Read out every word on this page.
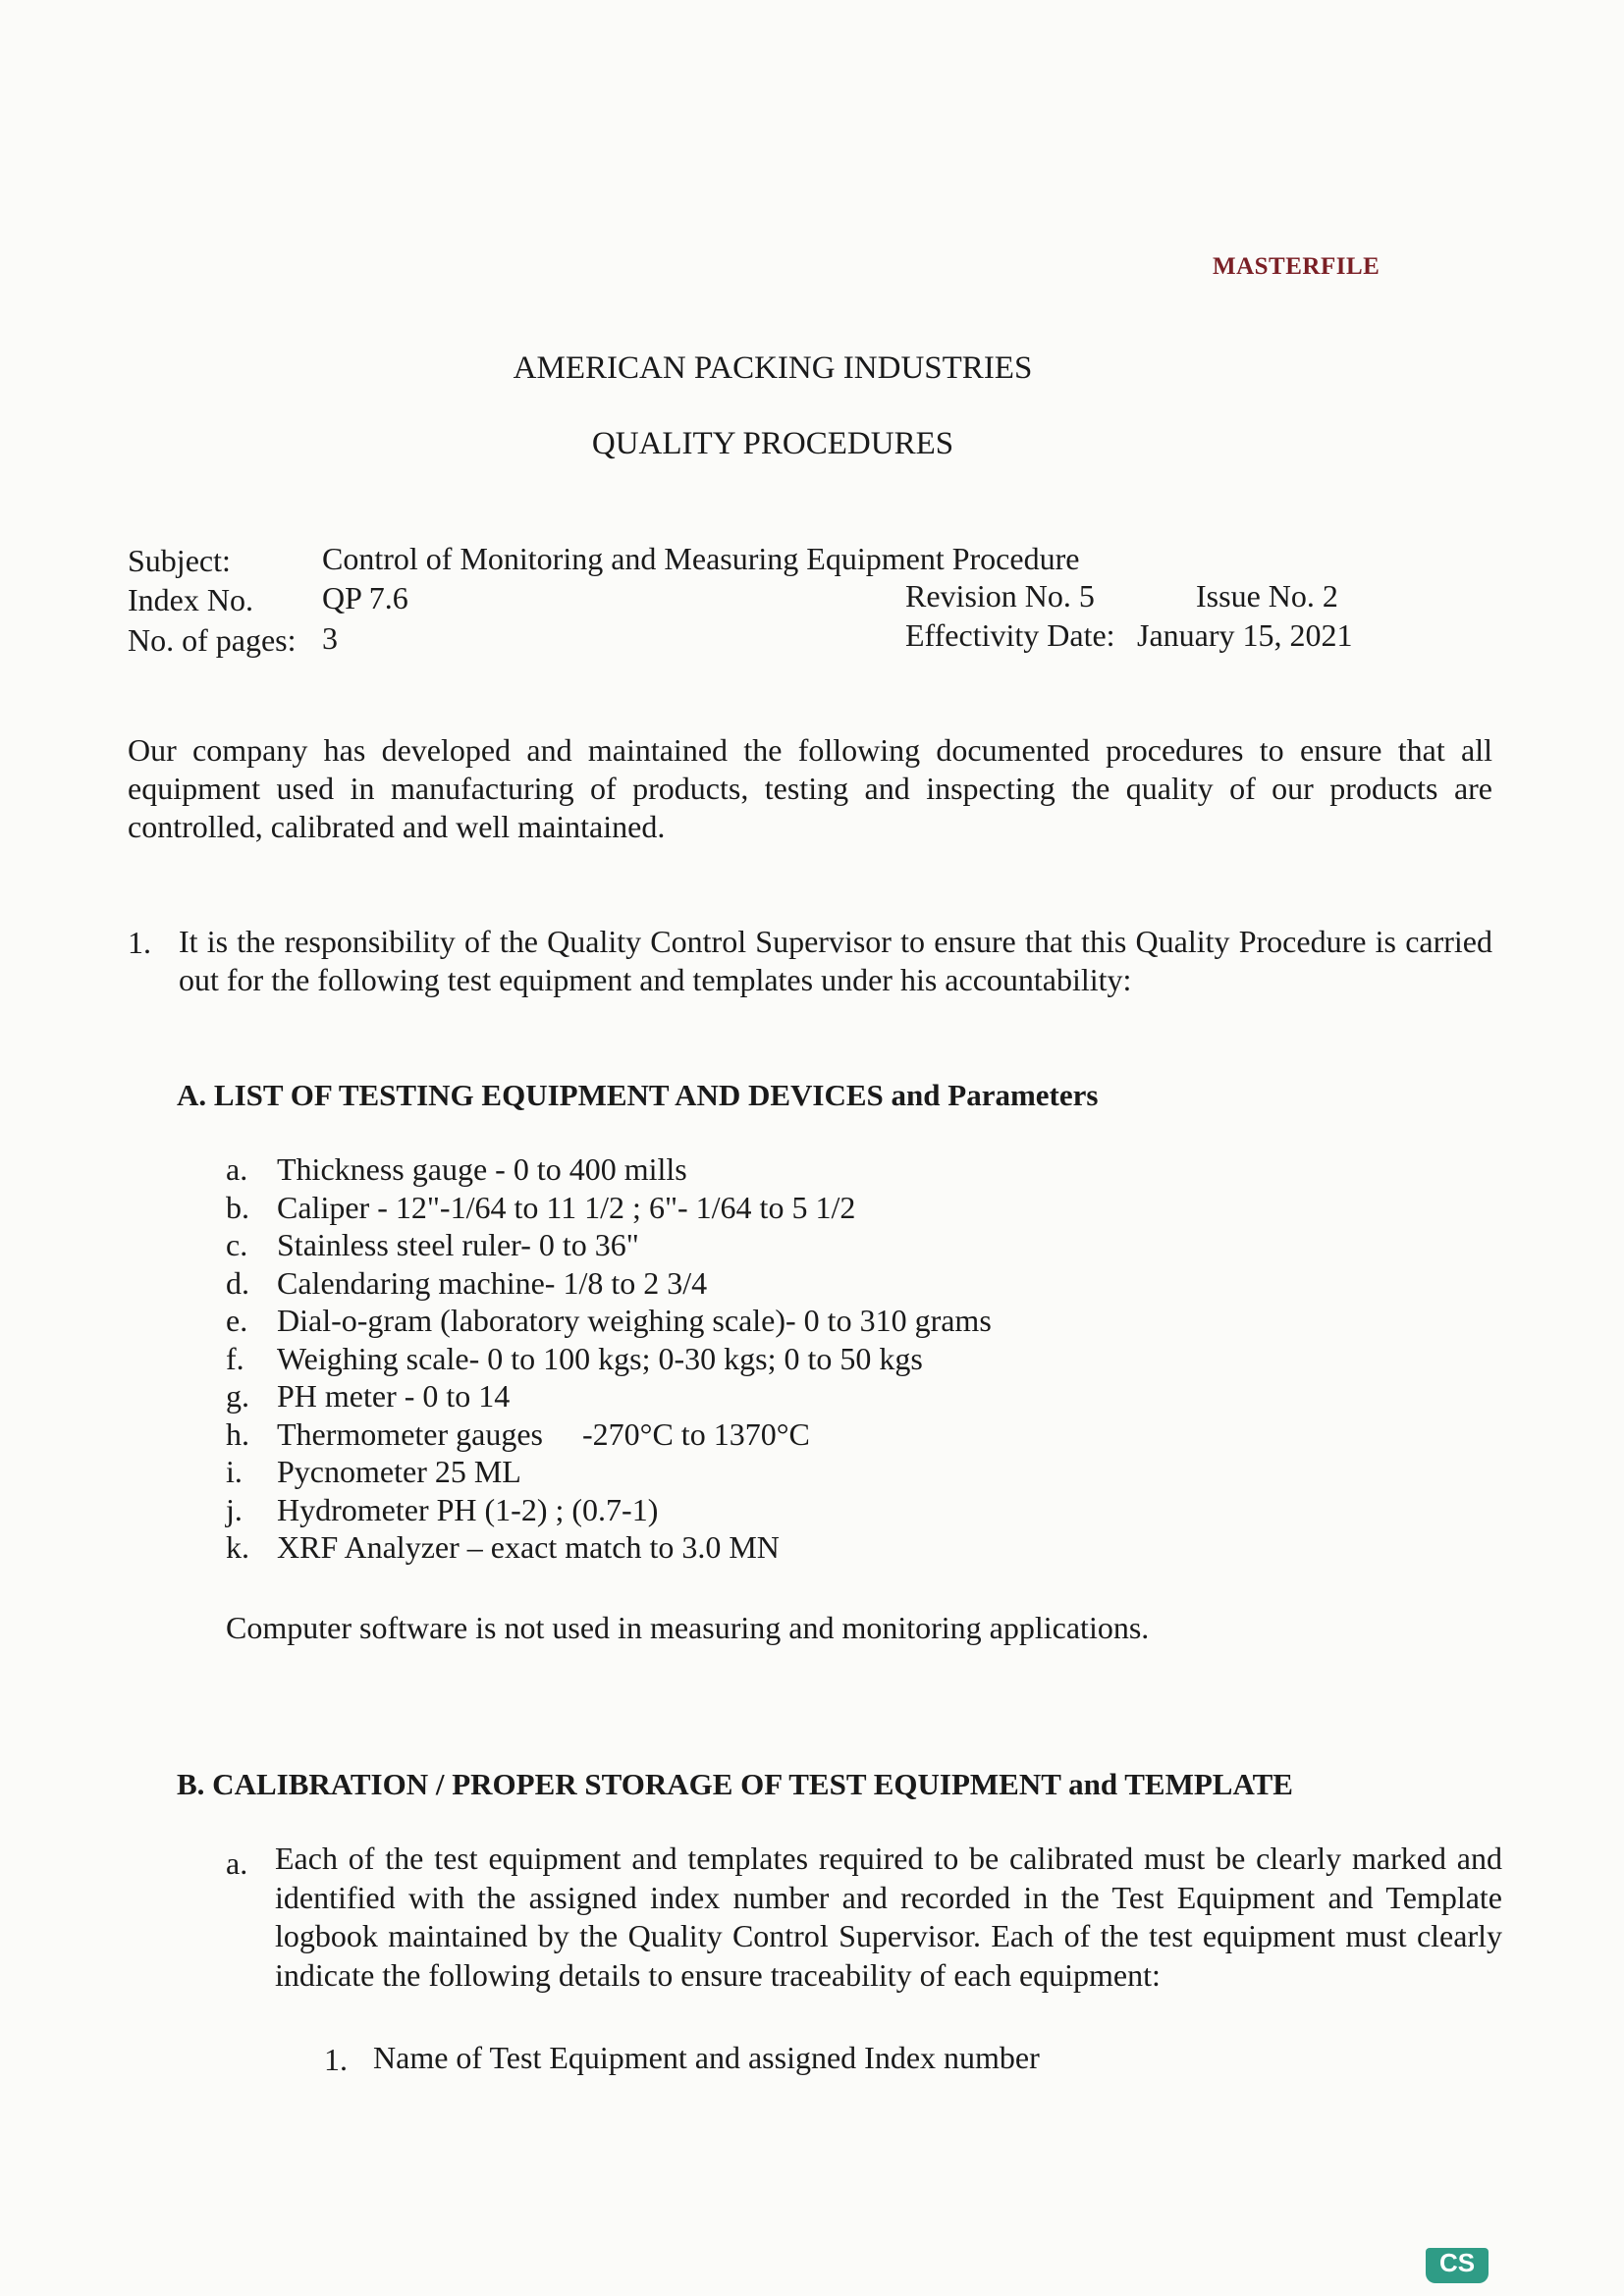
MASTERFILE
AMERICAN PACKING INDUSTRIES
QUALITY PROCEDURES
Subject:	Control of Monitoring and Measuring Equipment Procedure
Index No. QP 7.6	Revision No. 5	Issue No. 2
No. of pages: 3	Effectivity Date: January 15, 2021
Our company has developed and maintained the following documented procedures to ensure that all equipment used in manufacturing of products, testing and inspecting the quality of our products are controlled, calibrated and well maintained.
1. It is the responsibility of the Quality Control Supervisor to ensure that this Quality Procedure is carried out for the following test equipment and templates under his accountability:
A. LIST OF TESTING EQUIPMENT AND DEVICES and Parameters
a. Thickness gauge - 0 to 400 mills
b. Caliper - 12"-1/64 to 11 1/2 ; 6"- 1/64 to 5 1/2
c. Stainless steel ruler- 0 to 36"
d. Calendaring machine- 1/8 to 2 3/4
e. Dial-o-gram (laboratory weighing scale)- 0 to 310 grams
f.	Weighing scale- 0 to 100 kgs; 0-30 kgs; 0 to 50 kgs
g. PH meter - 0 to 14
h. Thermometer gauges     -270°C to 1370°C
i.	Pycnometer 25 ML
j.	Hydrometer PH (1-2) ; (0.7-1)
k. XRF Analyzer – exact match to 3.0 MN
Computer software is not used in measuring and monitoring applications.
B. CALIBRATION / PROPER STORAGE OF TEST EQUIPMENT and TEMPLATE
a. Each of the test equipment and templates required to be calibrated must be clearly marked and identified with the assigned index number and recorded in the Test Equipment and Template logbook maintained by the Quality Control Supervisor. Each of the test equipment must clearly indicate the following details to ensure traceability of each equipment:
1. Name of Test Equipment and assigned Index number
CS
